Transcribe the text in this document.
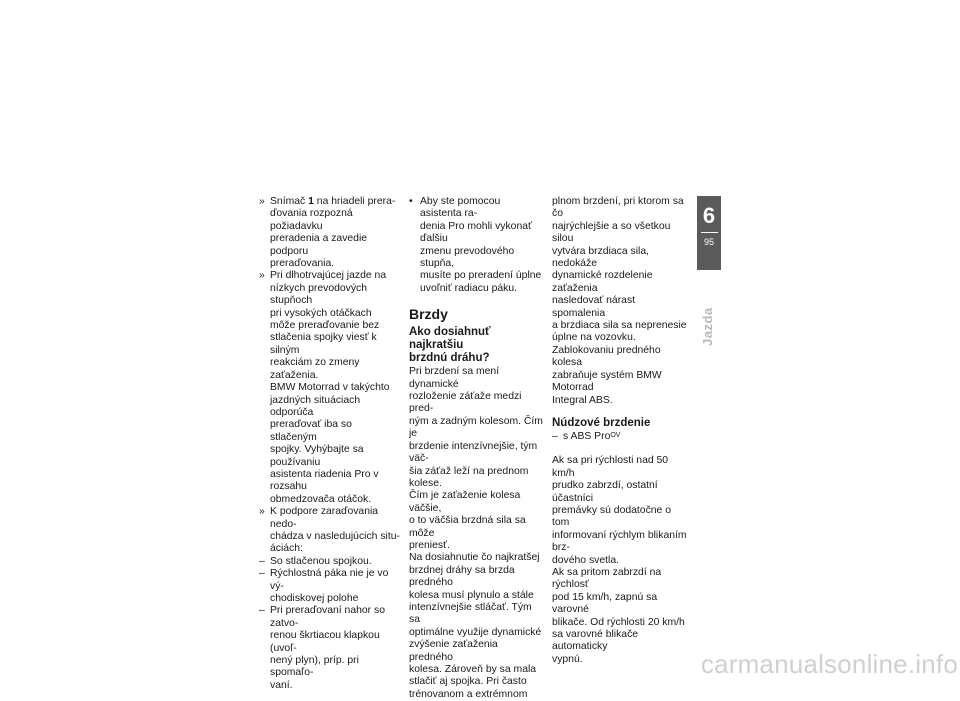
» Snímač 1 na hriadeli prera-
ďovania rozpozná požiadavku
preradenia a zavedie podporu
preraďovania.
» Pri dlhotrvajúcej jazde na
nízkych prevodových stupňoch
pri vysokých otáčkach
môže preraďovanie bez
stlačenia spojky viesť k silným
reakciám zo zmeny zaťaženia.
BMW Motorrad v takýchto
jazdných situáciach odporúča
preraďovať iba so stlačeným
spojky. Vyhýbajte sa používaniu
asistenta riadenia Pro v rozsahu
obmedzovača otáčok.
» K podpore zaraďovania nedo-
chádza v nasledujúcich situ-
áciách:
– So stlačenou spojkou.
– Rýchlostná páka nie je vo vý-
chodiskovej polohe
– Pri preraďovaní nahor so zatvo-
renou škrtiacou klapkou (uvoľ-
nený plyn), príp. pri spomaľo-
vaní.
• Aby ste pomocou asistenta ra-
denia Pro mohli vykonať ďalšiu
zmenu prevodového stupňa,
musíte po preradení úplne
uvoľniť radiacu páku.
Brzdy
Ako dosiahnuť najkratšiu
brzdnú dráhu?
Pri brzdení sa mení dynamické
rozloženie záťaže medzi pred-
ným a zadným kolesom. Čím je
brzdenie intenzívnejšie, tým väč-
šia záťaž leží na prednom kolese.
Čím je zaťaženie kolesa väčšie,
o to väčšia brzdná sila sa môže
preniesť.
Na dosiahnutie čo najkratšej
brzdnej dráhy sa brzda predného
kolesa musí plynulo a stále
intenzívnejšie stláčať. Tým sa
optimálne využije dynamické
zvýšenie zaťaženia predného
kolesa. Zároveň by sa mala
stlačiť aj spojka. Pri často
trénovanom a extrémnom
plnom brzdení, pri ktorom sa čo
najrýchlejšie a so všetkou silou
vytvára brzdiaca sila, nedokáže
dynamické rozdelenie zaťaženia
nasledovať nárast spomalenia
a brzdiaca sila sa neprenesie
úplne na vozovku.
Zablokovaniu predného kolesa
zabraňuje systém BMW Motorrad
Integral ABS.
Núdzové brzdenie
– s ABS Pro$^{OV}$
Ak sa pri rýchlosti nad 50 km/h
prudko zabrzdí, ostatní účastníci
premávky sú dodatočne o tom
informovaní rýchlym blikaním brz-
dového svetla.
Ak sa pritom zabrzdí na rýchlosť
pod 15 km/h, zapnú sa varovné
blikače. Od rýchlosti 20 km/h
sa varovné blikače automaticky
vypnú.
6
95
Jazda
carmanualsonline.info
